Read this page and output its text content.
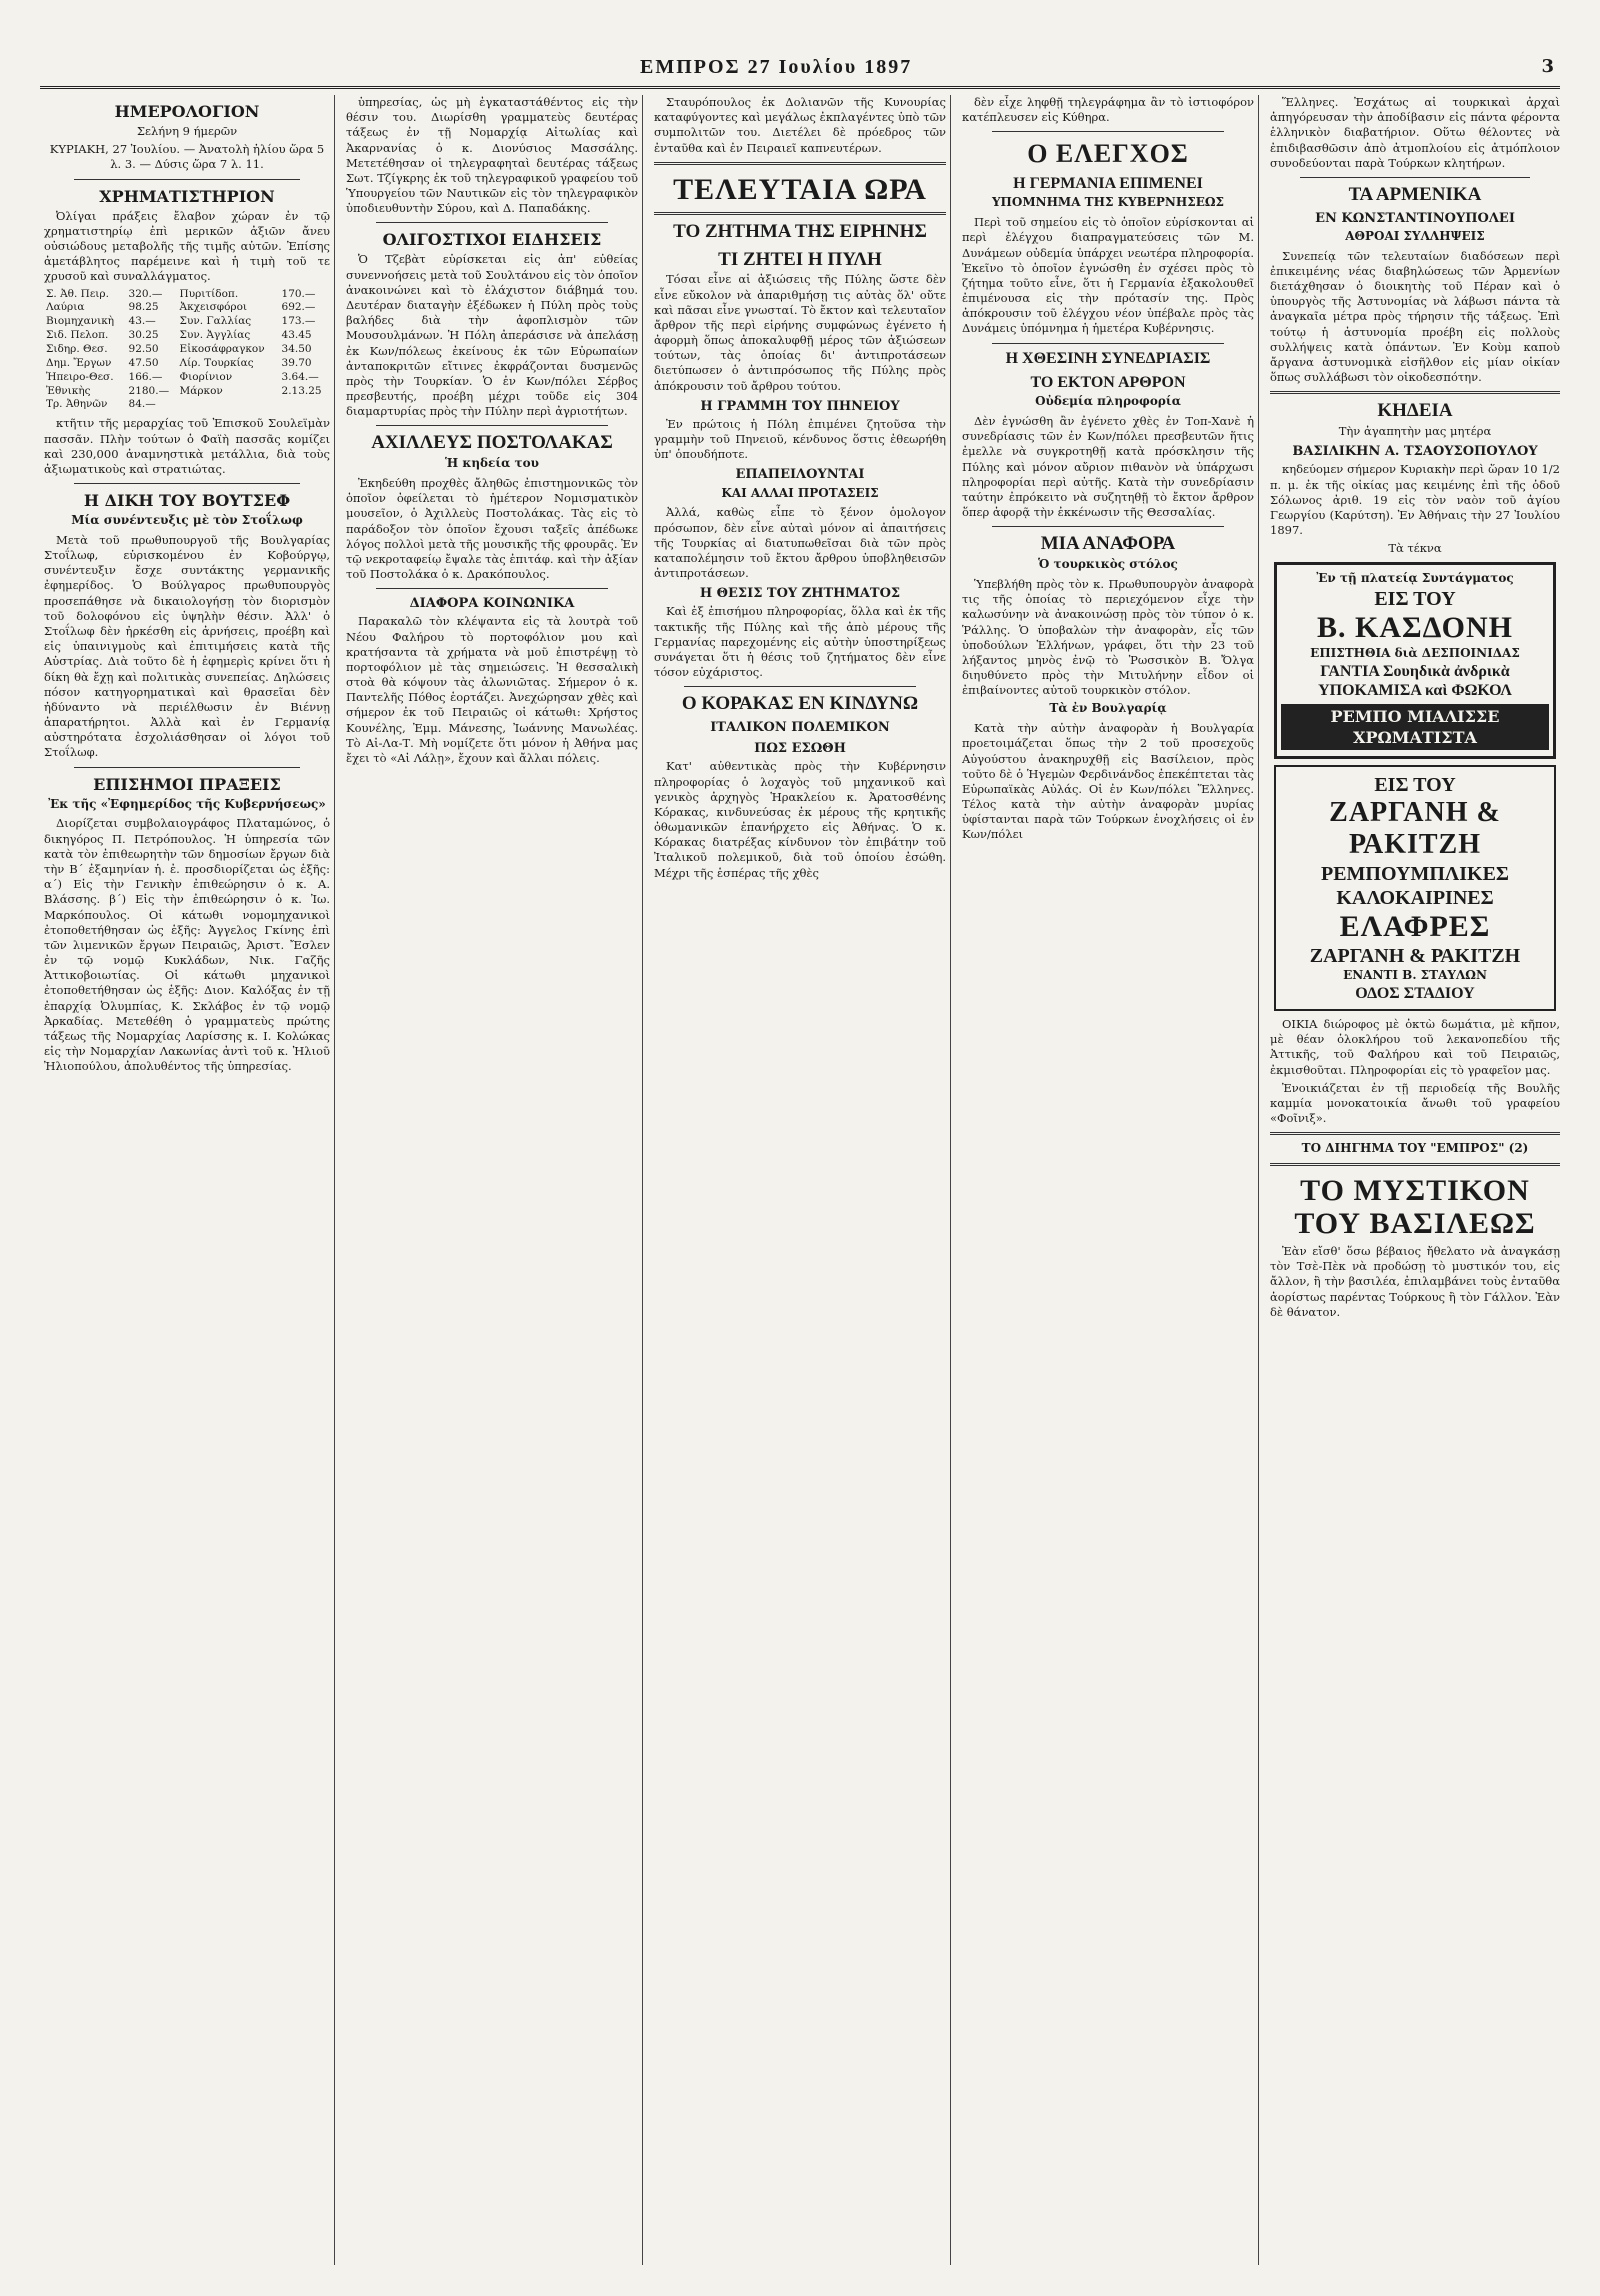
ΕΜΠΡΟΣ 27 Ιουλίου 1897	3
ΗΜΕΡΟΛΟΓΙΟΝ

Σελήνη 9 ήμερῶν

ΚΥΡΙΑΚΗ, 27 Ἰουλίου. — Ἀνατολὴ ἡλίου ὥρα 5 λ. 3. — Δύσις ὥρα 7 λ. 11.

ΧΡΗΜΑΤΙΣΤΗΡΙΟΝ

Ὀλίγαι πράξεις ἔλαβον χώραν ἐν τῷ χρηματιστηρίῳ ἐπὶ μερικῶν ἀξιῶν ἄνευ οὐσιώδους μεταβολῆς τῆς τιμῆς αὐτῶν. Ἐπίσης ἀμετάβλητος παρέμεινε καὶ ἡ τιμὴ τοῦ τε χρυσοῦ καὶ συναλλάγματος.

Σ. Ἀθ. Πειρ.	320.—	Πυριτίδοπ.	170.—
Λαύρια	98.25	Ἀκχεισφόροι	692.—
Βιομηχανικὴ	43.—	Συν. Γαλλίας	173.—
Σιδ. Πελοπ.	30.25	Συν. Ἀγγλίας	43.45
Σιδηρ. Θεσ.	92.50	Εἰκοσάφραγκον	34.50
Δημ. Ἔργων	47.50	Λίρ. Τουρκίας	39.70
Ἠπειρο-Θεσ.	166.—	Φιορίνιον	3.64.—
Ἐθνικὴς	2180.—	Μάρκον	2.13.25
Τρ. Ἀθηνῶν	84.—		

κτῆτιν τῆς μεραρχίας τοῦ Ἐπισκοῦ Σουλεϊμὰν πασσᾶν. Πλὴν τούτων ὁ Φαϊὴ πασσᾶς κομίζει καὶ 230,000 ἀναμνηστικὰ μετάλλια, διὰ τοὺς ἀξιωματικοὺς καὶ στρατιώτας.

Η ΔΙΚΗ ΤΟΥ ΒΟΥΤΣΕΦ
Μία συνέντευξις μὲ τὸν Στοΐλωφ

Μετὰ τοῦ πρωθυπουργοῦ τῆς Βουλγαρίας Στοΐλωφ, εὑρισκομένου ἐν Κοβούργῳ, συνέντευξιν ἔσχε συντάκτης γερμανικῆς ἐφημερίδος. Ὁ Βούλγαρος πρωθυπουργὸς προσεπάθησε νὰ δικαιολογήσῃ τὸν διορισμὸν τοῦ δολοφόνου εἰς ὑψηλὴν θέσιν. Ἀλλ' ὁ Στοΐλωφ δὲν ἠρκέσθη εἰς ἀρνήσεις, προέβη καὶ εἰς ὑπαινιγμοὺς καὶ ἐπιτιμήσεις κατὰ τῆς Αὐστρίας. Διὰ τοῦτο δὲ ἡ ἐφημερὶς κρίνει ὅτι ἡ δίκη θὰ ἔχῃ καὶ πολιτικὰς συνεπείας. Δηλώσεις πόσον κατηγορηματικαὶ καὶ θρασεῖαι δὲν ἠδύναντο νὰ περιέλθωσιν ἐν Βιέννῃ ἀπαρατήρητοι. Ἀλλὰ καὶ ἐν Γερμανίᾳ αὐστηρότατα ἐσχολιάσθησαν οἱ λόγοι τοῦ Στοΐλωφ.

ΕΠΙΣΗΜΟΙ ΠΡΑΞΕΙΣ
Ἐκ τῆς «Ἐφημερίδος τῆς Κυβερνήσεως»

Διορίζεται συμβολαιογράφος Πλαταμώνος, ὁ δικηγόρος Π. Πετρόπουλος. Ἡ ὑπηρεσία τῶν κατὰ τὸν ἐπιθεωρητὴν τῶν δημοσίων ἔργων διὰ τὴν Β΄ ἐξαμηνίαν ἡ. ἐ. προσδιορίζεται ὡς ἑξῆς: α΄) Εἰς τὴν Γενικὴν ἐπιθεώρησιν ὁ κ. Α. Βλάσσης. β΄) Εἰς τὴν ἐπιθεώρησιν ὁ κ. Ἰω. Μαρκόπουλος. Οἱ κάτωθι νομομηχανικοὶ ἐτοποθετήθησαν ὡς ἑξῆς: Ἀγγελος Γκίνης ἐπὶ τῶν λιμενικῶν ἔργων Πειραιῶς, Ἀριστ. Ἔσλεν ἐν τῷ νομῷ Κυκλάδων, Νικ. Γαζῆς Ἀττικοβοιωτίας. Οἱ κάτωθι μηχανικοὶ ἐτοποθετήθησαν ὡς ἑξῆς: Διον. Καλόξας ἐν τῇ ἐπαρχίᾳ Ὀλυμπίας, Κ. Σκλάβος ἐν τῷ νομῷ Ἀρκαδίας. Μετεθέθη ὁ γραμματεὺς πρώτης τάξεως τῆς Νομαρχίας Λαρίσσης κ. Ι. Κολώκας εἰς τὴν Νομαρχίαν Λακωνίας ἀντὶ τοῦ κ. Ἠλιοῦ Ἠλιοπούλου, ἀπολυθέντος τῆς ὑπηρεσίας.

ὑπηρεσίας, ὡς μὴ ἐγκαταστάθέντος εἰς τὴν θέσιν του. Διωρίσθη γραμματεὺς δευτέρας τάξεως ἐν τῇ Νομαρχίᾳ Αἰτωλίας καὶ Ἀκαρνανίας ὁ κ. Διονύσιος Μασσάλης. Μετετέθησαν οἱ τηλεγραφηταὶ δευτέρας τάξεως Σωτ. Τζίγκρης ἐκ τοῦ τηλεγραφικοῦ γραφείου τοῦ Ὑπουργείου τῶν Ναυτικῶν εἰς τὸν τηλεγραφικὸν ὑποδιευθυντὴν Σύρου, καὶ Δ. Παπαδάκης.

ΟΛΙΓΟΣΤΙΧΟΙ ΕΙΔΗΣΕΙΣ

Ὁ Τζεβὰτ εὑρίσκεται εἰς ἀπ' εὐθείας συνεννοήσεις μετὰ τοῦ Σουλτάνου εἰς τὸν ὁποῖον ἀνακοινώνει καὶ τὸ ἐλάχιστον διάβημά του. Δευτέραν διαταγὴν ἐξέδωκεν ἡ Πύλη πρὸς τοὺς βαλήδες διὰ τὴν ἀφοπλισμὸν τῶν Μουσουλμάνων. Ἡ Πόλη ἀπεράσισε νὰ ἀπελάσῃ ἐκ Κων/πόλεως ἐκείνους ἐκ τῶν Εὐρωπαίων ἀνταποκριτῶν εἴτινες ἐκφράζονται δυσμενῶς πρὸς τὴν Τουρκίαν. Ὁ ἐν Κων/πόλει Σέρβος πρεσβευτής, προέβη μέχρι τοῦδε εἰς 304 διαμαρτυρίας πρὸς τὴν Πύλην περὶ ἀγριοτήτων.

ΑΧΙΛΛΕΥΣ ΠΟΣΤΟΛΑΚΑΣ
Ἡ κηδεία του

Ἐκηδεύθη προχθὲς ἄληθῶς ἐπιστημονικῶς τὸν ὁποῖον ὀφείλεται τὸ ἡμέτερον Νομισματικὸν μουσεῖον, ὁ Ἀχιλλεὺς Ποστολάκας. Τὰς εἰς τὸ παράδοξον τὸν ὁποῖον ἔχουσι ταξεῖς ἀπέδωκε λόγος πολλοὶ μετὰ τῆς μουσικῆς τῆς φρουρᾶς. Ἐν τῷ νεκροταφείῳ ἔψαλε τὰς ἐπιτάφ. καὶ τὴν ἀξίαν τοῦ Ποστολάκα ὁ κ. Δρακόπουλος.

ΔΙΑΦΟΡΑ ΚΟΙΝΩΝΙΚΑ

Παρακαλῶ τὸν κλέψαντα εἰς τὰ λουτρὰ τοῦ Νέου Φαλήρου τὸ πορτοφόλιον μου καὶ κρατήσαντα τὰ χρήματα νὰ μοῦ ἐπιστρέψῃ τὸ πορτοφόλιον μὲ τὰς σημειώσεις. Ἡ θεσσαλικὴ στοὰ θὰ κόψουν τὰς ἀλωνιῶτας. Σήμερον ὁ κ. Παντελῆς Πόθος ἑορτάζει. Ἀνεχώρησαν χθὲς καὶ σήμερον ἐκ τοῦ Πειραιῶς οἱ κάτωθι: Χρήστος Κουνέλης, Ἐμμ. Μάνεσης, Ἰωάννης Μανωλέας. Τὸ Αἰ-Λα-Τ. Μὴ νομίζετε ὅτι μόνον ἡ Ἀθήνα μας ἔχει τὸ «Αἰ Λάλῃ», ἔχουν καὶ ἄλλαι πόλεις.

Σταυρόπουλος ἐκ Δολιανῶν τῆς Κυνουρίας καταφύγοντες καὶ μεγάλως ἐκπλαγέντες ὑπὸ τῶν συμπολιτῶν του. Διετέλει δὲ πρόεδρος τῶν ἐνταῦθα καὶ ἐν Πειραιεῖ καπνευτέρων.

ΤΕΛΕΥΤΑΙΑ ΩΡΑ
ΤΟ ΖΗΤΗΜΑ ΤΗΣ ΕΙΡΗΝΗΣ
ΤΙ ΖΗΤΕΙ Η ΠΥΛΗ

Τόσαι εἶνε αἱ ἀξιώσεις τῆς Πύλης ὥστε δὲν εἶνε εὔκολον νὰ ἀπαριθμήσῃ τις αὐτὰς ὅλ' οὔτε καὶ πᾶσαι εἶνε γνωσταί. Τὸ ἔκτον καὶ τελευταῖον ἄρθρον τῆς περὶ εἰρήνης συμφώνως ἐγένετο ἡ ἀφορμὴ ὅπως ἀποκαλυφθῇ μέρος τῶν ἀξιώσεων τούτων, τὰς ὁποίας δι' ἀντιπροτάσεων διετύπωσεν ὁ ἀντιπρόσωπος τῆς Πύλης πρὸς ἀπόκρουσιν τοῦ ἄρθρου τούτου.

Η ΓΡΑΜΜΗ ΤΟΥ ΠΗΝΕΙΟΥ

Ἐν πρώτοις ἡ Πόλη ἐπιμένει ζητοῦσα τὴν γραμμὴν τοῦ Πηνειοῦ, κένδυνος ὅστις ἐθεωρήθη ὑπ' ὁπουδήποτε.

ΕΠΑΠΕΙΛΟΥΝΤΑΙ
ΚΑΙ ΑΛΛΑΙ ΠΡΟΤΑΣΕΙΣ

Ἀλλά, καθὼς εἶπε τὸ ξένον ὁμολογον πρόσωπον, δὲν εἶνε αὐταὶ μόνον αἱ ἀπαιτήσεις τῆς Τουρκίας αἱ διατυπωθεῖσαι διὰ τῶν πρὸς καταπολέμησιν τοῦ ἔκτου ἄρθρου ὑποβληθεισῶν ἀντιπροτάσεων.

Η ΘΕΣΙΣ ΤΟΥ ΖΗΤΗΜΑΤΟΣ

Καὶ ἐξ ἐπισήμου πληροφορίας, ὅλλα καὶ ἐκ τῆς τακτικῆς τῆς Πύλης καὶ τῆς ἀπὸ μέρους τῆς Γερμανίας παρεχομένης εἰς αὐτὴν ὑποστηρίξεως συνάγεται ὅτι ἡ θέσις τοῦ ζητήματος δὲν εἶνε τόσον εὐχάριστος.

Ο ΚΟΡΑΚΑΣ ΕΝ ΚΙΝΔΥΝΩ
ΙΤΑΛΙΚΟΝ ΠΟΛΕΜΙΚΟΝ
ΠΩΣ ΕΣΩΘΗ

Κατ' αὐθεντικὰς πρὸς τὴν Κυβέρνησιν πληροφορίας ὁ λοχαγὸς τοῦ μηχανικοῦ καὶ γενικὸς ἀρχηγὸς Ἡρακλείου κ. Ἀρατοσθένης Κόρακας, κινδυνεύσας ἐκ μέρους τῆς κρητικῆς ὀθωμανικῶν ἐπανήρχετο εἰς Ἀθήνας. Ὁ κ. Κόρακας διατρέξας κίνδυνον τὸν ἐπιβάτην τοῦ Ἰταλικοῦ πολεμικοῦ, διὰ τοῦ ὁποίου ἐσώθη. Μέχρι τῆς ἑσπέρας τῆς χθὲς

δὲν εἶχε ληφθῇ τηλεγράφημα ἂν τὸ ἰστιοφόρον κατέπλευσεν εἰς Κύθηρα.

Ο ΕΛΕΓΧΟΣ
Η ΓΕΡΜΑΝΙΑ ΕΠΙΜΕΝΕΙ
ΥΠΟΜΝΗΜΑ ΤΗΣ ΚΥΒΕΡΝΗΣΕΩΣ

Περὶ τοῦ σημείου εἰς τὸ ὁποῖον εὑρίσκονται αἱ περὶ ἐλέγχου διαπραγματεύσεις τῶν Μ. Δυνάμεων οὐδεμία ὑπάρχει νεωτέρα πληροφορία. Ἐκεῖνο τὸ ὁποῖον ἐγνώσθη ἐν σχέσει πρὸς τὸ ζήτημα τοῦτο εἶνε, ὅτι ἡ Γερμανία ἐξακολουθεῖ ἐπιμένουσα εἰς τὴν πρότασίν της. Πρὸς ἀπόκρουσιν τοῦ ἐλέγχου νέον ὑπέβαλε πρὸς τὰς Δυνάμεις ὑπόμνημα ἡ ἡμετέρα Κυβέρνησις.

Η ΧΘΕΣΙΝΗ ΣΥΝΕΔΡΙΑΣΙΣ
ΤΟ ΕΚΤΟΝ ΑΡΘΡΟΝ
Οὐδεμία πληροφορία

Δὲν ἐγνώσθη ἂν ἐγένετο χθὲς ἐν Τοπ-Χανὲ ἡ συνεδρίασις τῶν ἐν Κων/πόλει πρεσβευτῶν ἥτις ἐμελλε νὰ συγκροτηθῇ κατὰ πρόσκλησιν τῆς Πύλης καὶ μόνον αὔριον πιθανὸν νὰ ὑπάρχωσι πληροφορίαι περὶ αὐτῆς. Κατὰ τὴν συνεδρίασιν ταύτην ἐπρόκειτο νὰ συζητηθῇ τὸ ἔκτον ἄρθρον ὅπερ ἀφορᾷ τὴν ἐκκένωσιν τῆς Θεσσαλίας.

ΜΙΑ ΑΝΑΦΟΡΑ
Ὁ τουρκικὸς στόλος

Ὑπεβλήθη πρὸς τὸν κ. Πρωθυπουργὸν ἀναφορὰ τις τῆς ὁποίας τὸ περιεχόμενον εἶχε τὴν καλωσύνην νὰ ἀνακοινώσῃ πρὸς τὸν τύπον ὁ κ. Ῥάλλης. Ὁ ὑποβαλὼν τὴν ἀναφορὰν, εἷς τῶν ὑποδούλων Ἑλλήνων, γράφει, ὅτι τὴν 23 τοῦ λήξαντος μηνὸς ἐνῷ τὸ Ῥωσσικὸν Β. Ὄλγα διηυθύνετο πρὸς τὴν Μιτυλήνην εἶδον οἱ ἐπιβαίνοντες αὐτοῦ τουρκικὸν στόλον.

Τὰ ἐν Βουλγαρίᾳ

Κατὰ τὴν αὐτὴν ἀναφορὰν ἡ Βουλγαρία προετοιμάζεται ὅπως τὴν 2 τοῦ προσεχοῦς Αὐγούστου ἀνακηρυχθῇ εἰς Βασίλειον, πρὸς τοῦτο δὲ ὁ Ἡγεμὼν Φερδινάνδος ἐπεκέπτεται τὰς Εὐρωπαϊκὰς Αὐλάς. Οἱ ἐν Κων/πόλει Ἕλληνες. Τέλος κατὰ τὴν αὐτὴν ἀναφορὰν μυρίας ὑφίστανται παρὰ τῶν Τούρκων ἐνοχλήσεις οἱ ἐν Κων/πόλει

Ἕλληνες. Ἐσχάτως αἱ τουρκικαὶ ἀρχαὶ ἀπηγόρευσαν τὴν ἀποδίβασιν εἰς πάντα φέροντα ἑλληνικὸν διαβατήριον. Οὕτω θέλοντες νὰ ἐπιδιβασθῶσιν ἀπὸ ἀτμοπλοίου εἰς ἀτμόπλοιον συνοδεύονται παρὰ Τούρκων κλητήρων.

ΤΑ ΑΡΜΕΝΙΚΑ
ΕΝ ΚΩΝΣΤΑΝΤΙΝΟΥΠΟΛΕΙ
ΑΘΡΟΑΙ ΣΥΛΛΗΨΕΙΣ

Συνεπείᾳ τῶν τελευταίων διαδόσεων περὶ ἐπικειμένης νέας διαβηλώσεως τῶν Ἀρμενίων διετάχθησαν ὁ διοικητὴς τοῦ Πέραν καὶ ὁ ὑπουργὸς τῆς Ἀστυνομίας νὰ λάβωσι πάντα τὰ ἀναγκαῖα μέτρα πρὸς τήρησιν τῆς τάξεως. Ἐπὶ τούτῳ ἡ ἀστυνομία προέβη εἰς πολλοὺς συλλήψεις κατὰ ὁπάντων. Ἐν Κοὺμ καποὺ ἄργανα ἀστυνομικὰ εἰσῆλθον εἰς μίαν οἰκίαν ὅπως συλλάβωσι τὸν οἰκοδεσπότην.

ΚΗΔΕΙΑ

Τὴν ἀγαπητὴν μας μητέρα

ΒΑΣΙΛΙΚΗΝ Α. ΤΣΑΟΥΣΟΠΟΥΛΟΥ

κηδεύομεν σήμερον Κυριακὴν περὶ ὥραν 10 1/2 π. μ. ἐκ τῆς οἰκίας μας κειμένης ἐπὶ τῆς ὁδοῦ Σόλωνος ἀριθ. 19 εἰς τὸν ναὸν τοῦ ἁγίου Γεωργίου (Καρύτση). Ἐν Ἀθήναις τὴν 27 Ἰουλίου 1897.

Τὰ τέκνα

Ἐν τῇ πλατείᾳ Συντάγματος
ΕΙΣ ΤΟΥ
Β. ΚΑΣΔΟΝΗ
ΕΠΙΣΤΗΘΙΑ διὰ ΔΕΣΠΟΙΝΙΔΑΣ
ΓΑΝΤΙΑ Σουηδικὰ ἀνδρικὰ
ΥΠΟΚΑΜΙΣΑ καὶ ΦΩΚΟΛ
ΡΕΜΠΟ ΜΙΑΛΙΣΣΕ ΧΡΩΜΑΤΙΣΤΑ
ΕΙΣ ΤΟΥ
ΖΑΡΓΑΝΗ & ΡΑΚΙΤΖΗ
ΡΕΜΠΟΥΜΠΛΙΚΕΣ
ΚΑΛΟΚΑΙΡΙΝΕΣ
ΕΛΑΦΡΕΣ
ΖΑΡΓΑΝΗ & ΡΑΚΙΤΖΗ
ΕΝΑΝΤΙ Β. ΣΤΑΥΛΩΝ
ΟΔΟΣ ΣΤΑΔΙΟΥ

ΟΙΚΙΑ διώροφος μὲ ὀκτὼ δωμάτια, μὲ κῆπον, μὲ θέαν ὁλοκλήρου τοῦ λεκανοπεδίου τῆς Ἀττικῆς, τοῦ Φαλήρου καὶ τοῦ Πειραιῶς, ἐκμισθοῦται. Πληροφορίαι εἰς τὸ γραφεῖον μας.

Ἐνοικιάζεται ἐν τῇ περιοδείᾳ τῆς Βουλῆς καμμία μονοκατοικία ἄνωθι τοῦ γραφείου «Φοῖνιξ».

ΤΟ ΔΙΗΓΗΜΑ ΤΟΥ "ΕΜΠΡΟΣ" (2)
ΤΟ ΜΥΣΤΙΚΟΝ ΤΟΥ ΒΑΣΙΛΕΩΣ

Ἐὰν εἴσθ' ὅσω βέβαιος ἤθελατο νὰ ἀναγκάσῃ τὸν Τσὲ-Πὲκ νὰ προδώσῃ τὸ μυστικόν του, εἰς ἄλλον, ἢ τὴν βασιλέα, ἐπιλαμβάνει τοὺς ἐνταῦθα ἀορίστως παρέντας Τούρκους ἢ τὸν Γάλλον. Ἐὰν δὲ θάνατον.
